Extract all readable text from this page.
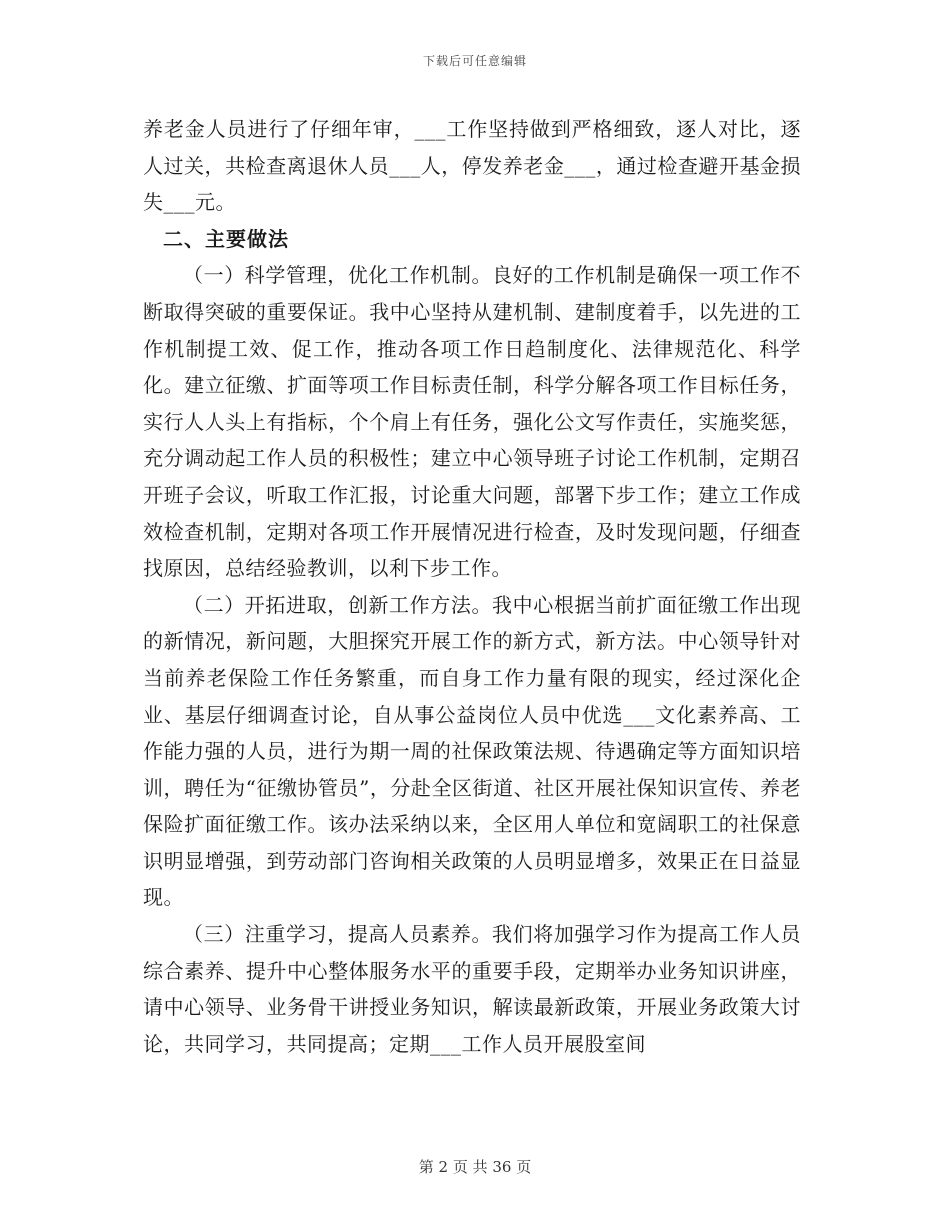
下载后可任意编辑

养老金人员进行了仔细年审，___工作坚持做到严格细致，逐人对比，逐人过关，共检查离退休人员___人，停发养老金___，通过检查避开基金损失___元。

二、主要做法

（一）科学管理，优化工作机制。良好的工作机制是确保一项工作不断取得突破的重要保证。我中心坚持从建机制、建制度着手，以先进的工作机制提工效、促工作，推动各项工作日趋制度化、法律规范化、科学化。建立征缴、扩面等项工作目标责任制，科学分解各项工作目标任务，实行人人头上有指标，个个肩上有任务，强化公文写作责任，实施奖惩，充分调动起工作人员的积极性；建立中心领导班子讨论工作机制，定期召开班子会议，听取工作汇报，讨论重大问题，部署下步工作；建立工作成效检查机制，定期对各项工作开展情况进行检查，及时发现问题，仔细查找原因，总结经验教训，以利下步工作。

（二）开拓进取，创新工作方法。我中心根据当前扩面征缴工作出现的新情况，新问题，大胆探究开展工作的新方式，新方法。中心领导针对当前养老保险工作任务繁重，而自身工作力量有限的现实，经过深化企业、基层仔细调查讨论，自从事公益岗位人员中优选___文化素养高、工作能力强的人员，进行为期一周的社保政策法规、待遇确定等方面知识培训，聘任为“征缴协管员”，分赴全区街道、社区开展社保知识宣传、养老保险扩面征缴工作。该办法采纳以来，全区用人单位和宽阔职工的社保意识明显增强，到劳动部门咨询相关政策的人员明显增多，效果正在日益显现。

（三）注重学习，提高人员素养。我们将加强学习作为提高工作人员综合素养、提升中心整体服务水平的重要手段，定期举办业务知识讲座，请中心领导、业务骨干讲授业务知识，解读最新政策，开展业务政策大讨论，共同学习，共同提高；定期___工作人员开展股室间

第 2 页 共 36 页
